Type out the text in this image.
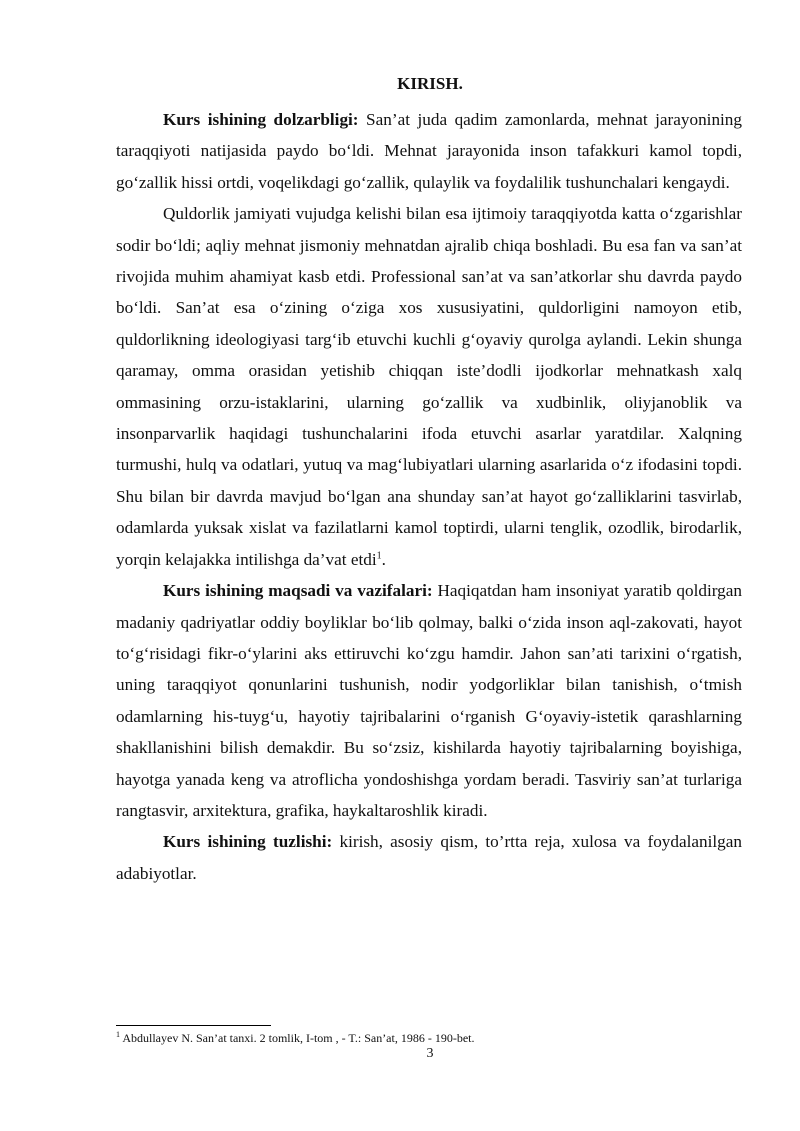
KIRISH.

Kurs ishining dolzarbligi: San’at juda qadim zamonlarda, mehnat jarayonining taraqqiyoti natijasida paydo bo‘ldi. Mehnat jarayonida inson tafakkuri kamol topdi, go‘zallik hissi ortdi, voqelikdagi go‘zallik, qulaylik va foydalilik tushunchalari kengaydi.

Quldorlik jamiyati vujudga kelishi bilan esa ijtimoiy taraqqiyotda katta o‘zgarishlar sodir bo‘ldi; aqliy mehnat jismoniy mehnatdan ajralib chiqa boshladi. Bu esa fan va san’at rivojida muhim ahamiyat kasb etdi. Professional san’at va san’atkorlar shu davrda paydo bo‘ldi. San’at esa o‘zining o‘ziga xos xususiyatini, quldorligini namoyon etib, quldorlikning ideologiyasi targ‘ib etuvchi kuchli g‘oyaviy qurolga aylandi. Lekin shunga qaramay, omma orasidan yetishib chiqqan iste’dodli ijodkorlar mehnatkash xalq ommasining orzu-istaklarini, ularning go‘zallik va xudbinlik, oliyjanoblik va insonparvarlik haqidagi tushunchalarini ifoda etuvchi asarlar yaratdilar. Xalqning turmushi, hulq va odatlari, yutuq va mag‘lubiyatlari ularning asarlarida o‘z ifodasini topdi. Shu bilan bir davrda mavjud bo‘lgan ana shunday san’at hayot go‘zalliklarini tasvirlab, odamlarda yuksak xislat va fazilatlarni kamol toptirdi, ularni tenglik, ozodlik, birodarlik, yorqin kelajakka intilishga da’vat etdi$^1$.

Kurs ishining maqsadi va vazifalari: Haqiqatdan ham insoniyat yaratib qoldirgan madaniy qadriyatlar oddiy boyliklar bo‘lib qolmay, balki o‘zida inson aql-zakovati, hayot to‘g‘risidagi fikr-o‘ylarini aks ettiruvchi ko‘zgu hamdir. Jahon san’ati tarixini o‘rgatish, uning taraqqiyot qonunlarini tushunish, nodir yodgorliklar bilan tanishish, o‘tmish odamlarning his-tuyg‘u, hayotiy tajribalarini o‘rganish G‘oyaviy-istetik qarashlarning shakllanishini bilish demakdir. Bu so‘zsiz, kishilarda hayotiy tajribalarning boyishiga, hayotga yanada keng va atroflicha yondoshishga yordam beradi. Tasviriy san’at turlariga rangtasvir, arxitektura, grafika, haykaltaroshlik kiradi.

Kurs ishining tuzlishi: kirish, asosiy qism, to’rtta reja, xulosa va foydalanilgan adabiyotlar.

$^1$ Abdullayev N. San’at tanxi. 2 tomlik, I-tom , - T.: San’at, 1986 - 190-bet.

3
